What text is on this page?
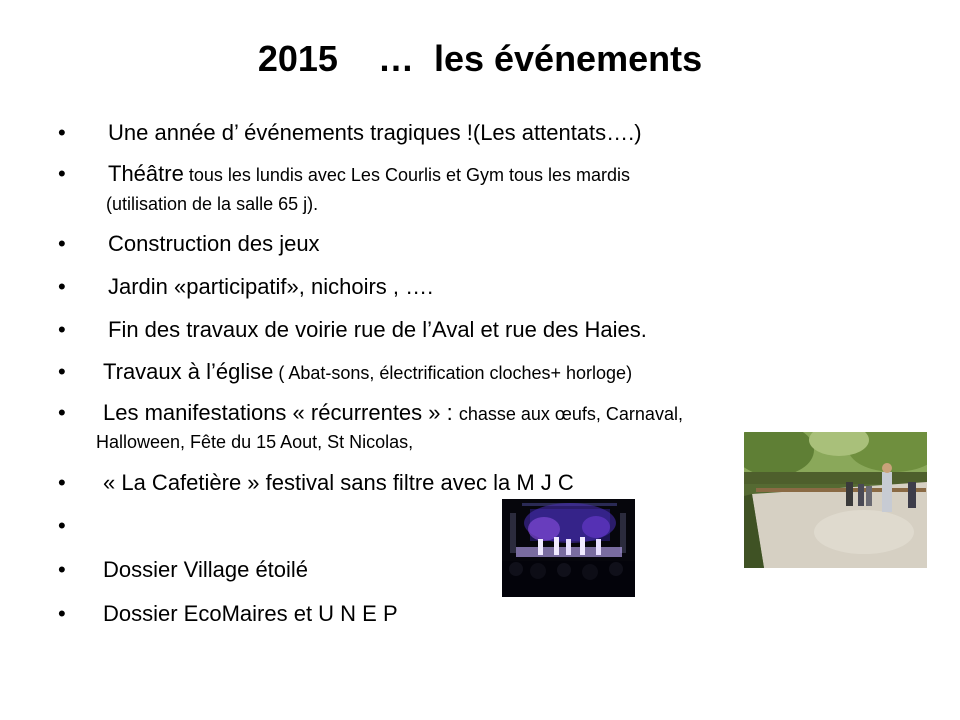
2015    …  les événements
•
•
•
•
•
•
•
•
•
•
•
Une année d’ événements tragiques !(Les attentats….)
Théâtre tous les lundis avec Les Courlis et Gym tous les mardis
(utilisation de la salle 65 j).
Construction des jeux
Jardin «participatif», nichoirs , ….
Fin des travaux de voirie rue de l’Aval et rue des Haies.
Travaux à l’église ( Abat-sons, électrification cloches+ horloge)
Les manifestations « récurrentes » : chasse aux œufs, Carnaval,
Halloween, Fête du 15 Aout, St Nicolas,
« La Cafetière » festival sans filtre avec la M J C
Dossier Village étoilé
Dossier EcoMaires et U N E P
